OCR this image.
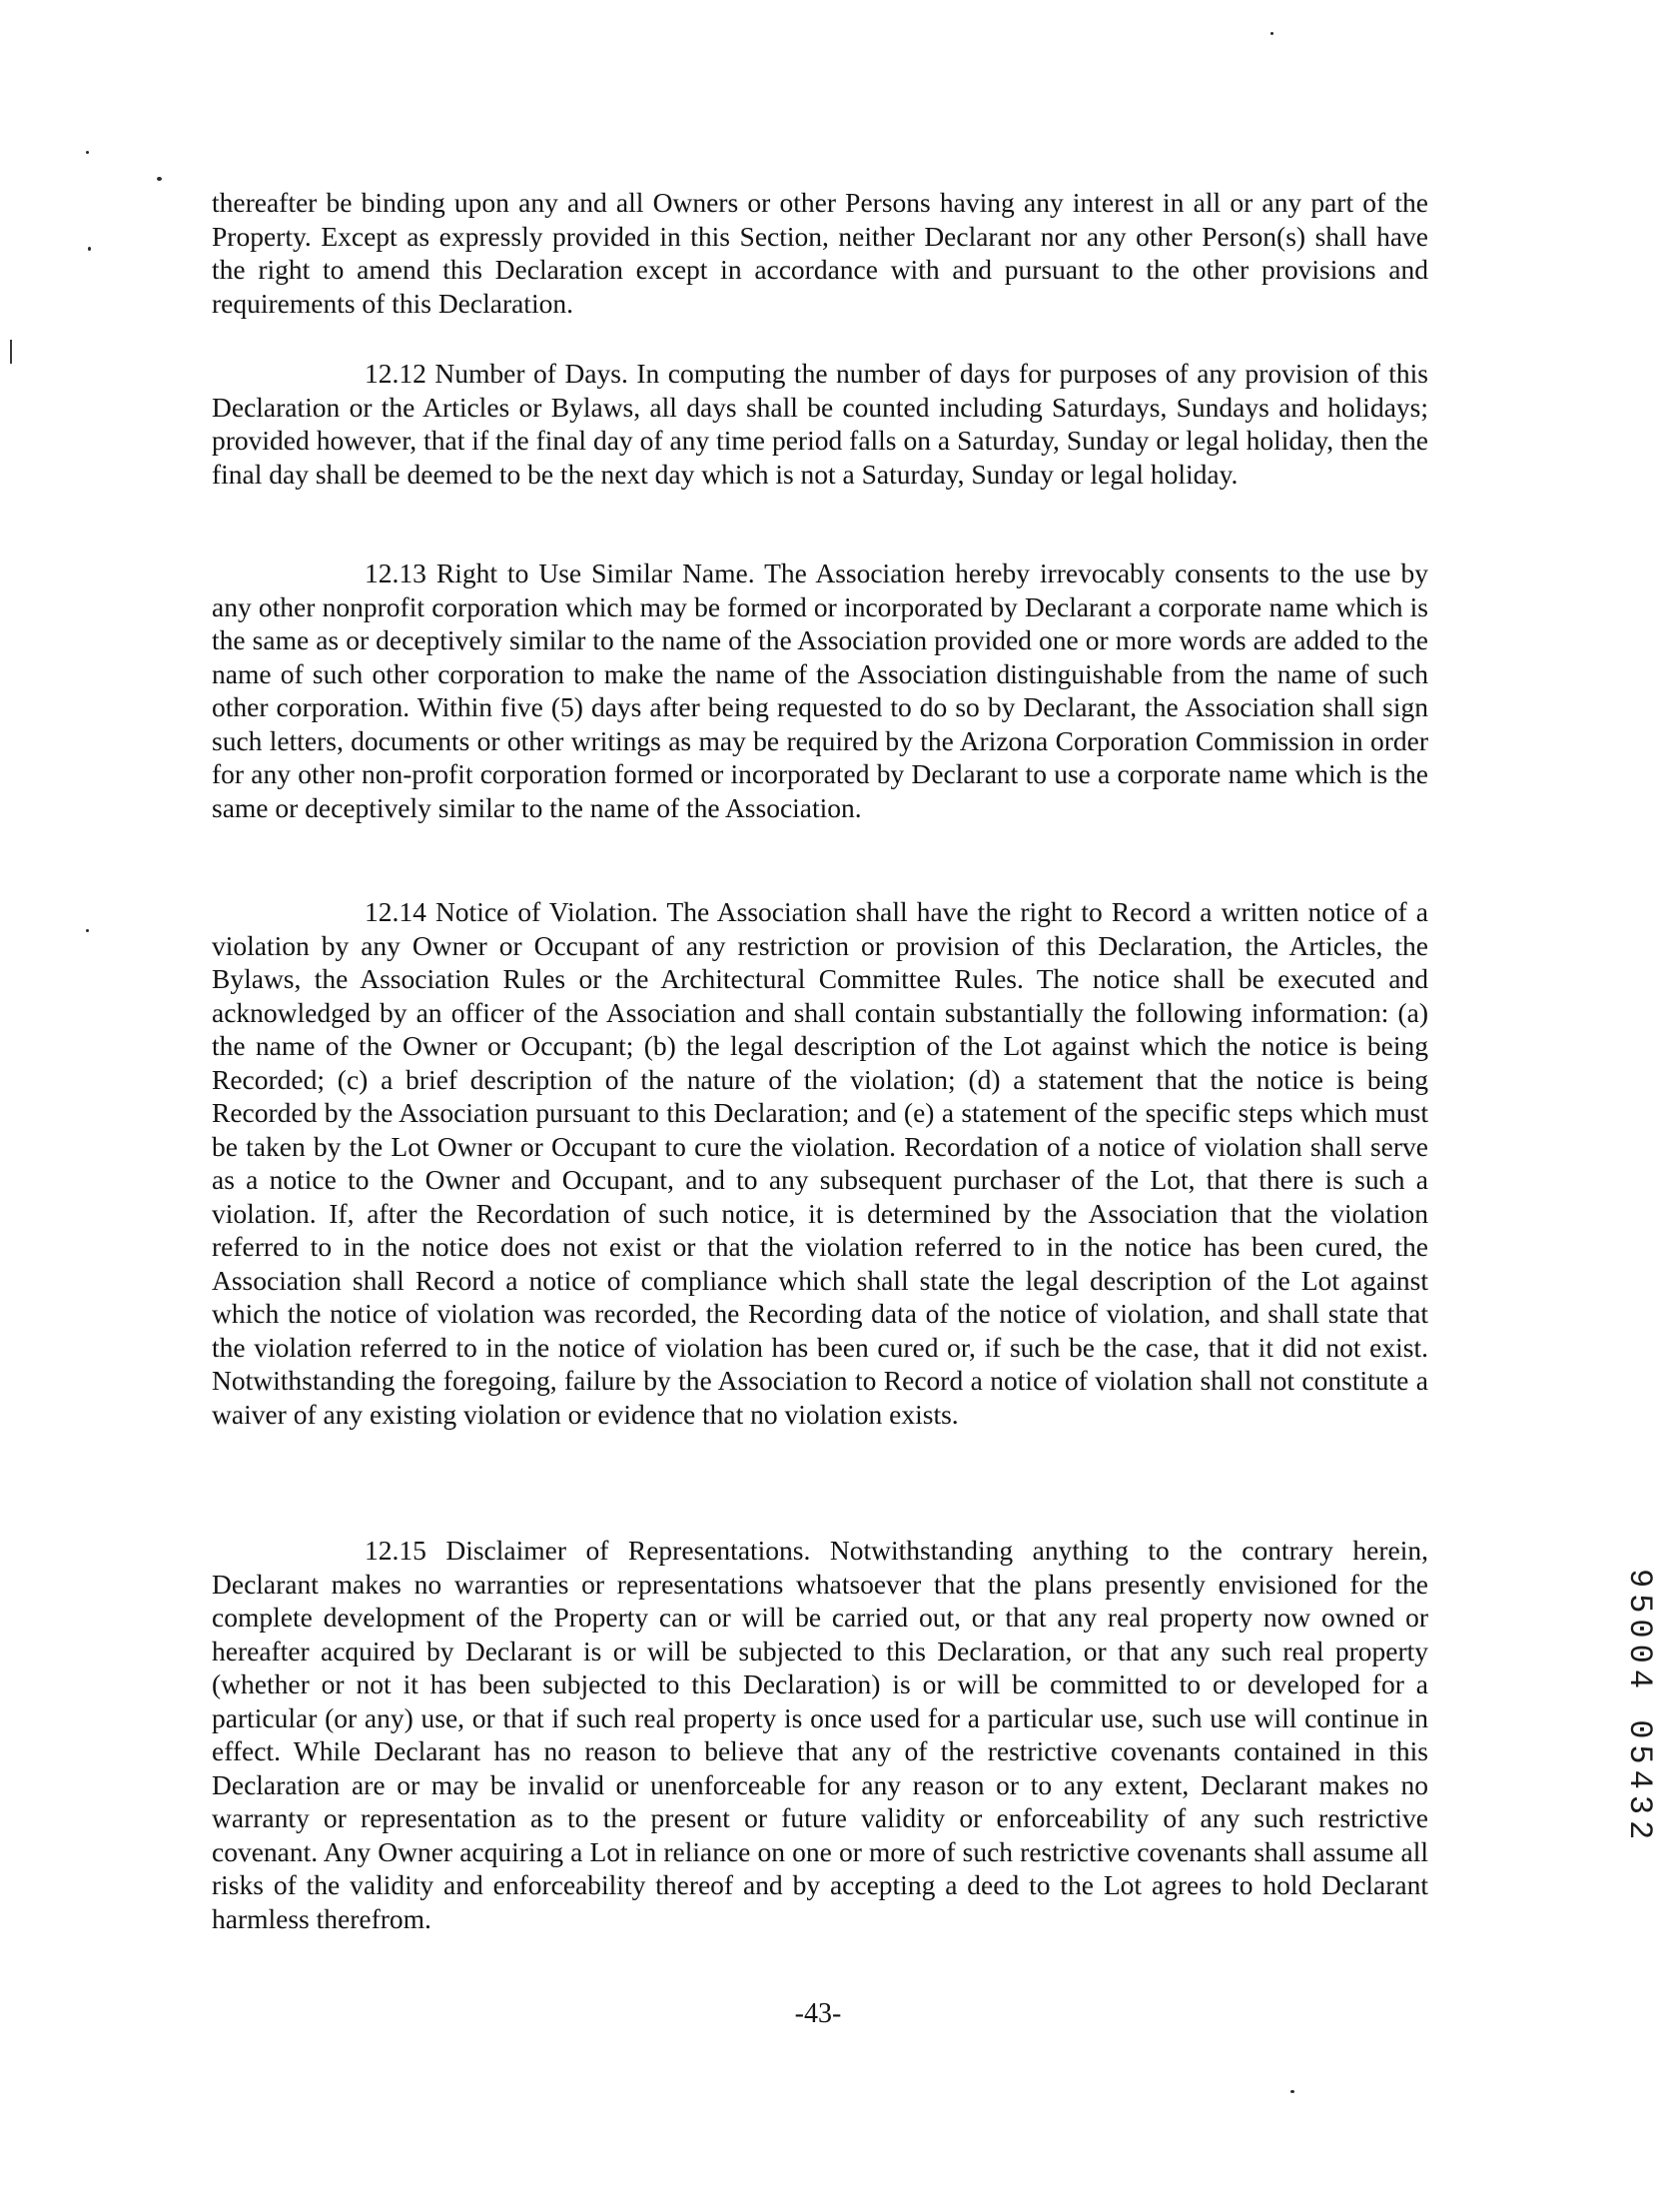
thereafter be binding upon any and all Owners or other Persons having any interest in all or any part of the Property. Except as expressly provided in this Section, neither Declarant nor any other Person(s) shall have the right to amend this Declaration except in accordance with and pursuant to the other provisions and requirements of this Declaration.

12.12 Number of Days. In computing the number of days for purposes of any provision of this Declaration or the Articles or Bylaws, all days shall be counted including Saturdays, Sundays and holidays; provided however, that if the final day of any time period falls on a Saturday, Sunday or legal holiday, then the final day shall be deemed to be the next day which is not a Saturday, Sunday or legal holiday.

12.13 Right to Use Similar Name. The Association hereby irrevocably consents to the use by any other nonprofit corporation which may be formed or incorporated by Declarant a corporate name which is the same as or deceptively similar to the name of the Association provided one or more words are added to the name of such other corporation to make the name of the Association distinguishable from the name of such other corporation. Within five (5) days after being requested to do so by Declarant, the Association shall sign such letters, documents or other writings as may be required by the Arizona Corporation Commission in order for any other non-profit corporation formed or incorporated by Declarant to use a corporate name which is the same or deceptively similar to the name of the Association.

12.14 Notice of Violation. The Association shall have the right to Record a written notice of a violation by any Owner or Occupant of any restriction or provision of this Declaration, the Articles, the Bylaws, the Association Rules or the Architectural Committee Rules. The notice shall be executed and acknowledged by an officer of the Association and shall contain substantially the following information: (a) the name of the Owner or Occupant; (b) the legal description of the Lot against which the notice is being Recorded; (c) a brief description of the nature of the violation; (d) a statement that the notice is being Recorded by the Association pursuant to this Declaration; and (e) a statement of the specific steps which must be taken by the Lot Owner or Occupant to cure the violation. Recordation of a notice of violation shall serve as a notice to the Owner and Occupant, and to any subsequent purchaser of the Lot, that there is such a violation. If, after the Recordation of such notice, it is determined by the Association that the violation referred to in the notice does not exist or that the violation referred to in the notice has been cured, the Association shall Record a notice of compliance which shall state the legal description of the Lot against which the notice of violation was recorded, the Recording data of the notice of violation, and shall state that the violation referred to in the notice of violation has been cured or, if such be the case, that it did not exist. Notwithstanding the foregoing, failure by the Association to Record a notice of violation shall not constitute a waiver of any existing violation or evidence that no violation exists.

12.15 Disclaimer of Representations. Notwithstanding anything to the contrary herein, Declarant makes no warranties or representations whatsoever that the plans presently envisioned for the complete development of the Property can or will be carried out, or that any real property now owned or hereafter acquired by Declarant is or will be subjected to this Declaration, or that any such real property (whether or not it has been subjected to this Declaration) is or will be committed to or developed for a particular (or any) use, or that if such real property is once used for a particular use, such use will continue in effect. While Declarant has no reason to believe that any of the restrictive covenants contained in this Declaration are or may be invalid or unenforceable for any reason or to any extent, Declarant makes no warranty or representation as to the present or future validity or enforceability of any such restrictive covenant. Any Owner acquiring a Lot in reliance on one or more of such restrictive covenants shall assume all risks of the validity and enforceability thereof and by accepting a deed to the Lot agrees to hold Declarant harmless therefrom.

-43-
95004 05432
